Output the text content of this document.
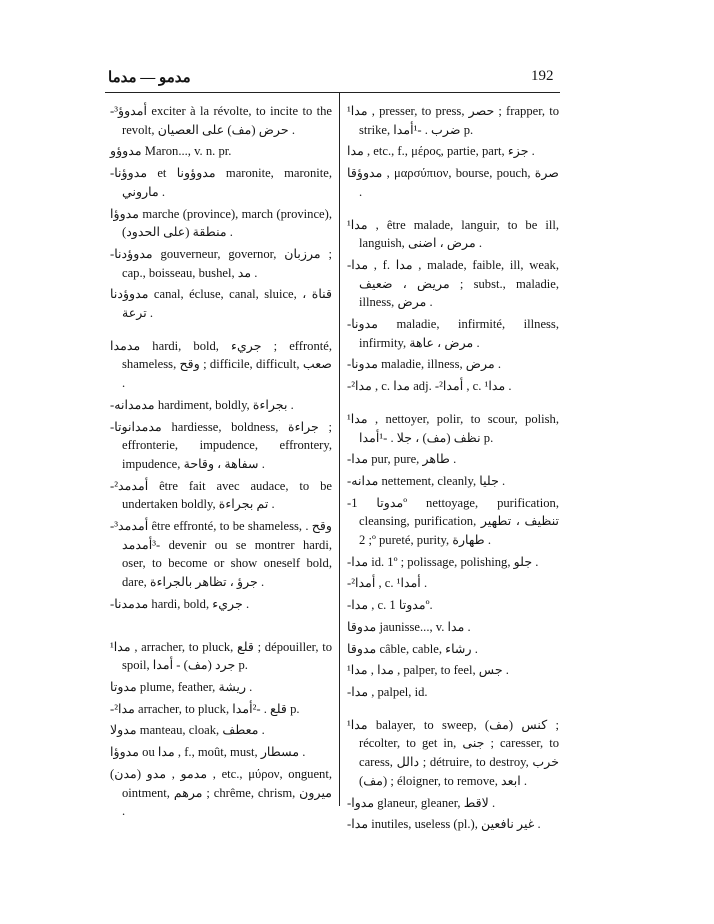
مدمو — مدما	192

‑³أمدوؤ exciter à la révolte, to incite to the revolt, حرض (مف) على العصيان .

مدوؤو Maron..., v. n. pr.

‑مدوؤنا et مدوؤونا maronite, maronite, ماروني .

مدوؤا marche (province), march (province), منطقة (على الحدود) .

‑مدوؤدنا gouverneur, governor, مرزبان ; cap., boisseau, bushel, مد .

مدوؤدنا canal, écluse, canal, sluice, قناة ، ترعة .

مدمدا hardi, bold, جريء ; effronté, shameless, وقح ; difficile, difficult, صعب .

‑مدمدانه hardiment, boldly, بجراءة .

‑مدمدانوتا hardiesse, boldness, جراءة ; effronterie, impudence, effrontery, impudence, سفاهة ، وقاحة .

‑²أمدمد être fait avec audace, to be undertaken boldly, تم بجراءة .

‑³أمدمد être effronté, to be shameless, وقح . ‑³أمدمد devenir ou se montrer hardi, oser, to become or show oneself bold, dare, جرؤ ، تظاهر بالجراءة .

‑مدمدنا hardi, bold, جريء .

¹مدا , arracher, to pluck, قلع ; dépouiller, to spoil, جرد (مف) ‑ أمدا p.

مدوتا plume, feather, ريشة .

‑²مدا arracher, to pluck, قلع . ‑²أمدا p.

مدولا manteau, cloak, معطف .

مدوؤا ou مدا , f., moût, must, مسطار .

(مدن) مدمو , مدو , etc., μύρον, onguent, ointment, مرهم ; chrême, chrism, ميرون .

¹مدا , presser, to press, حصر ; frapper, to strike, ضرب . ‑¹أمدا p.

مدا , etc., f., μέρος, partie, part, جزء .

مدوؤقا , μαρσύπιον, bourse, pouch, صرة .

¹مدا , être malade, languir, to be ill, languish, مرض ، اضنى .

‑مدا , f. مدا , malade, faible, ill, weak, مريض ، ضعيف ; subst., maladie, illness, مرض .

‑مدونا maladie, infirmité, illness, infirmity, مرض ، عاهة .

‑مدونا maladie, illness, مرض .

‑²مدا , c. مدا adj. ‑²أمدا , c. ¹مدا .

¹مدا , nettoyer, polir, to scour, polish, نظف (مف) ، جلا . ‑¹أمدا p.

‑مدا pur, pure, طاهر .

‑مدانه nettement, cleanly, جليا .

‑مدوتا 1º nettoyage, purification, cleansing, purification, تنظيف ، تطهير ; 2º pureté, purity, طهارة .

‑مدا id. 1º ; polissage, polishing, جلو .

‑²أمدا , c. ¹أمدا .

‑مدا , c. مدوتا 1º.

مدوقا jaunisse..., v. مدا .

مدوقا câble, cable, رشاء .

¹مدا , مدا , palper, to feel, جس .

‑مدا , palpel, id.

¹مدا balayer, to sweep, كنس (مف) ; récolter, to get in, جنى ; caresser, to caress, دالل ; détruire, to destroy, خرب (مف) ; éloigner, to remove, ابعد .

‑مدوا glaneur, gleaner, لاقط .

‑مدا inutiles, useless (pl.), غير نافعين .
